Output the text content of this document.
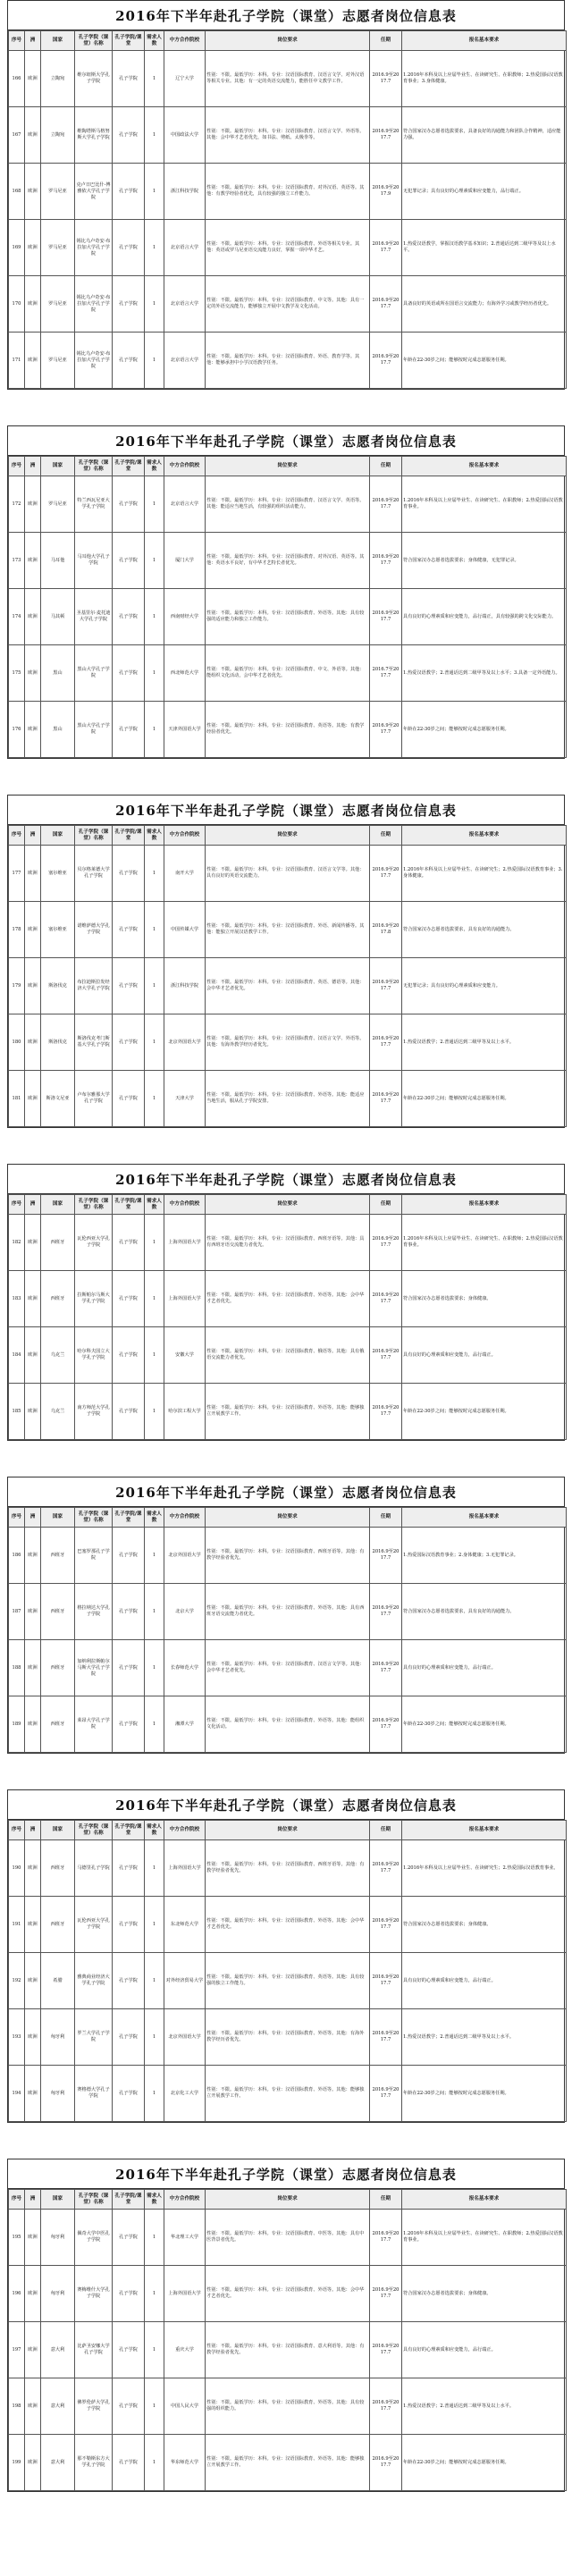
2016年下半年赴孔子学院（课堂）志愿者岗位信息表
序号	洲	国家	孔子学院（课堂）名称	孔子学院/课堂	需求人数	中方合作院校	岗位要求	任期	报名基本要求
166	欧洲	立陶宛	维尔纽斯大学孔子学院	孔子学院	1	辽宁大学	性别：不限。最低学历：本科。专业：汉语国际教育、汉语言文学、对外汉语等相关专业。其他：有一定的英语交流能力，能胜任中文教学工作。	2016.9至2017.7	1.2016年本科及以上应届毕业生、在读研究生、在职教师；2.热爱国际汉语教育事业；3.身体健康。
167	欧洲	立陶宛	维陶塔斯马格努斯大学孔子学院	孔子学院	1	中国政法大学	性别：不限。最低学历：本科。专业：汉语国际教育、汉语言文学、外语等。其他：会中华才艺者优先，如书法、剪纸、太极拳等。	2016.9至2017.7	符合国家汉办志愿者选拔要求，具备良好的沟通能力和团队合作精神，适应能力强。
168	欧洲	罗马尼亚	克卢日巴比什-博雅依大学孔子学院	孔子学院	1	浙江科技学院	性别：不限。最低学历：本科。专业：汉语国际教育、对外汉语、英语等。其他：有教学经验者优先，具有较强的独立工作能力。	2016.9至2017.9	无犯罪记录；具有良好的心理素质和应变能力，品行端正。
169	欧洲	罗马尼亚	锡比乌卢奇安·布拉加大学孔子学院	孔子学院	1	北京语言大学	性别：不限。最低学历：本科。专业：汉语国际教育、外语等相关专业。其他：英语或罗马尼亚语交流能力良好，掌握一项中华才艺。	2016.9至2017.7	1.热爱汉语教学，掌握汉语教学基本知识；2.普通话达到二级甲等及以上水平。
170	欧洲	罗马尼亚	锡比乌卢奇安·布拉加大学孔子学院	孔子学院	1	北京语言大学	性别：不限。最低学历：本科。专业：汉语国际教育、中文等。其他：具有一定的外语交流能力，能够独立开展中文教学及文化活动。	2016.9至2017.7	具备良好的英语或所在国语言交流能力；有海外学习或教学经历者优先。
171	欧洲	罗马尼亚	锡比乌卢奇安·布拉加大学孔子学院	孔子学院	1	北京语言大学	性别：不限。最低学历：本科。专业：汉语国际教育、外语、教育学等。其他：能够承担中小学汉语教学任务。	2016.9至2017.7	年龄在22-30岁之间；能够按时完成志愿服务任期。
2016年下半年赴孔子学院（课堂）志愿者岗位信息表
序号	洲	国家	孔子学院（课堂）名称	孔子学院/课堂	需求人数	中方合作院校	岗位要求	任期	报名基本要求
172	欧洲	罗马尼亚	特兰西瓦尼亚大学孔子学院	孔子学院	1	北京语言大学	性别：不限。最低学历：本科。专业：汉语国际教育、汉语言文学、英语等。其他：能适应当地生活，有较强的组织活动能力。	2016.9至2017.7	1.2016年本科及以上应届毕业生、在读研究生、在职教师；2.热爱国际汉语教育事业。
173	欧洲	马耳他	马耳他大学孔子学院	孔子学院	1	厦门大学	性别：不限。最低学历：本科。专业：汉语国际教育、对外汉语、英语等。其他：英语水平良好，有中华才艺特长者优先。	2016.9至2017.7	符合国家汉办志愿者选拔要求；身体健康，无犯罪记录。
174	欧洲	马其顿	圣基里尔·麦托迪大学孔子学院	孔子学院	1	西南财经大学	性别：不限。最低学历：本科。专业：汉语国际教育、外语等。其他：具有较强的适应能力和独立工作能力。	2016.9至2017.7	具有良好的心理素质和应变能力，品行端正，具有较强的跨文化交际能力。
175	欧洲	黑山	黑山大学孔子学院	孔子学院	1	西北师范大学	性别：不限。最低学历：本科。专业：汉语国际教育、中文、外语等。其他：能组织文化活动，会中华才艺者优先。	2016.7至2017.7	1.热爱汉语教学；2.普通话达到二级甲等及以上水平；3.具备一定外语能力。
176	欧洲	黑山	黑山大学孔子学院	孔子学院	1	天津外国语大学	性别：不限。最低学历：本科。专业：汉语国际教育、英语等。其他：有教学经验者优先。	2016.9至2017.7	年龄在22-30岁之间；能够按时完成志愿服务任期。
2016年下半年赴孔子学院（课堂）志愿者岗位信息表
序号	洲	国家	孔子学院（课堂）名称	孔子学院/课堂	需求人数	中方合作院校	岗位要求	任期	报名基本要求
177	欧洲	塞尔维亚	贝尔格莱德大学孔子学院	孔子学院	1	南开大学	性别：不限。最低学历：本科。专业：汉语国际教育、汉语言文学等。其他：具有良好的英语交流能力。	2016.9至2017.7	1.2016年本科及以上应届毕业生、在读研究生；2.热爱国际汉语教育事业；3.身体健康。
178	欧洲	塞尔维亚	诺维萨德大学孔子学院	孔子学院	1	中国传媒大学	性别：不限。最低学历：本科。专业：汉语国际教育、外语、新闻传播等。其他：能独立开展汉语教学工作。	2016.9至2017.8	符合国家汉办志愿者选拔要求，具有良好的沟通能力。
179	欧洲	斯洛伐克	布拉迪斯拉发经济大学孔子学院	孔子学院	1	浙江科技学院	性别：不限。最低学历：本科。专业：汉语国际教育、英语、德语等。其他：会中华才艺者优先。	2016.9至2017.7	无犯罪记录；具有良好的心理素质和应变能力。
180	欧洲	斯洛伐克	斯洛伐克考门斯基大学孔子学院	孔子学院	1	北京外国语大学	性别：不限。最低学历：本科。专业：汉语国际教育、汉语言文学、外语等。其他：有海外教学经历者优先。	2016.9至2017.7	1.热爱汉语教学；2.普通话达到二级甲等及以上水平。
181	欧洲	斯洛文尼亚	卢布尔雅那大学孔子学院	孔子学院	1	天津大学	性别：不限。最低学历：本科。专业：汉语国际教育、外语等。其他：能适应当地生活，服从孔子学院安排。	2016.9至2017.7	年龄在22-30岁之间；能够按时完成志愿服务任期。
2016年下半年赴孔子学院（课堂）志愿者岗位信息表
序号	洲	国家	孔子学院（课堂）名称	孔子学院/课堂	需求人数	中方合作院校	岗位要求	任期	报名基本要求
182	欧洲	西班牙	瓦伦西亚大学孔子学院	孔子学院	1	上海外国语大学	性别：不限。最低学历：本科。专业：汉语国际教育、西班牙语等。其他：具有西班牙语交流能力者优先。	2016.9至2017.7	1.2016年本科及以上应届毕业生、在读研究生、在职教师；2.热爱国际汉语教育事业。
183	欧洲	西班牙	拉斯帕尔马斯大学孔子学院	孔子学院	1	上海外国语大学	性别：不限。最低学历：本科。专业：汉语国际教育、外语等。其他：会中华才艺者优先。	2016.9至2017.7	符合国家汉办志愿者选拔要求；身体健康。
184	欧洲	乌克兰	哈尔科夫国立大学孔子学院	孔子学院	1	安徽大学	性别：不限。最低学历：本科。专业：汉语国际教育、俄语等。其他：具有俄语交流能力者优先。	2016.9至2017.7	具有良好的心理素质和应变能力，品行端正。
185	欧洲	乌克兰	南方师范大学孔子学院	孔子学院	1	哈尔滨工程大学	性别：不限。最低学历：本科。专业：汉语国际教育、外语等。其他：能够独立开展教学工作。	2016.9至2017.7	年龄在22-30岁之间；能够按时完成志愿服务任期。
2016年下半年赴孔子学院（课堂）志愿者岗位信息表
序号	洲	国家	孔子学院（课堂）名称	孔子学院/课堂	需求人数	中方合作院校	岗位要求	任期	报名基本要求
186	欧洲	西班牙	巴塞罗那孔子学院	孔子学院	1	北京外国语大学	性别：不限。最低学历：本科。专业：汉语国际教育、西班牙语等。其他：有教学经验者优先。	2016.9至2017.7	1.热爱国际汉语教育事业；2.身体健康；3.无犯罪记录。
187	欧洲	西班牙	格拉纳达大学孔子学院	孔子学院	1	北京大学	性别：不限。最低学历：本科。专业：汉语国际教育、外语等。其他：具有西班牙语交流能力者优先。	2016.9至2017.7	符合国家汉办志愿者选拔要求，具有良好的沟通能力。
188	欧洲	西班牙	加纳利拉斯帕尔马斯大学孔子学院	孔子学院	1	长春师范大学	性别：不限。最低学历：本科。专业：汉语国际教育、汉语言文学等。其他：会中华才艺者优先。	2016.9至2017.7	具有良好的心理素质和应变能力，品行端正。
189	欧洲	西班牙	莱昂大学孔子学院	孔子学院	1	湘潭大学	性别：不限。最低学历：本科。专业：汉语国际教育、外语等。其他：能组织文化活动。	2016.9至2017.7	年龄在22-30岁之间；能够按时完成志愿服务任期。
2016年下半年赴孔子学院（课堂）志愿者岗位信息表
序号	洲	国家	孔子学院（课堂）名称	孔子学院/课堂	需求人数	中方合作院校	岗位要求	任期	报名基本要求
190	欧洲	西班牙	马德里孔子学院	孔子学院	1	上海外国语大学	性别：不限。最低学历：本科。专业：汉语国际教育、西班牙语等。其他：有教学经验者优先。	2016.9至2017.7	1.2016年本科及以上应届毕业生、在读研究生；2.热爱国际汉语教育事业。
191	欧洲	西班牙	瓦伦西亚大学孔子学院	孔子学院	1	东北师范大学	性别：不限。最低学历：本科。专业：汉语国际教育、外语等。其他：会中华才艺者优先。	2016.9至2017.7	符合国家汉办志愿者选拔要求；身体健康。
192	欧洲	希腊	雅典商业经济大学孔子学院	孔子学院	1	对外经济贸易大学	性别：不限。最低学历：本科。专业：汉语国际教育、英语等。其他：具有较强的独立工作能力。	2016.9至2017.7	具有良好的心理素质和应变能力，品行端正。
193	欧洲	匈牙利	罗兰大学孔子学院	孔子学院	1	北京外国语大学	性别：不限。最低学历：本科。专业：汉语国际教育、外语等。其他：有海外教学经历者优先。	2016.9至2017.7	1.热爱汉语教学；2.普通话达到二级甲等及以上水平。
194	欧洲	匈牙利	赛格德大学孔子学院	孔子学院	1	北京化工大学	性别：不限。最低学历：本科。专业：汉语国际教育、外语等。其他：能够独立开展教学工作。	2016.9至2017.7	年龄在22-30岁之间；能够按时完成志愿服务任期。
2016年下半年赴孔子学院（课堂）志愿者岗位信息表
序号	洲	国家	孔子学院（课堂）名称	孔子学院/课堂	需求人数	中方合作院校	岗位要求	任期	报名基本要求
195	欧洲	匈牙利	佩奇大学中医孔子学院	孔子学院	1	华北理工大学	性别：不限。最低学历：本科。专业：汉语国际教育、中医等。其他：具有中医背景者优先。	2016.9至2017.7	1.2016年本科及以上应届毕业生、在读研究生、在职教师；2.热爱国际汉语教育事业。
196	欧洲	匈牙利	赛梅维什大学孔子学院	孔子学院	1	上海外国语大学	性别：不限。最低学历：本科。专业：汉语国际教育、外语等。其他：会中华才艺者优先。	2016.9至2017.7	符合国家汉办志愿者选拔要求；身体健康。
197	欧洲	意大利	比萨圣安娜大学孔子学院	孔子学院	1	重庆大学	性别：不限。最低学历：本科。专业：汉语国际教育、意大利语等。其他：有教学经验者优先。	2016.9至2017.7	具有良好的心理素质和应变能力，品行端正。
198	欧洲	意大利	佛罗伦萨大学孔子学院	孔子学院	1	中国人民大学	性别：不限。最低学历：本科。专业：汉语国际教育、外语等。其他：具有较强的组织能力。	2016.9至2017.7	1.热爱汉语教学；2.普通话达到二级甲等及以上水平。
199	欧洲	意大利	那不勒斯东方大学孔子学院	孔子学院	1	华东师范大学	性别：不限。最低学历：本科。专业：汉语国际教育、外语等。其他：能够独立开展教学工作。	2016.9至2017.7	年龄在22-30岁之间；能够按时完成志愿服务任期。
